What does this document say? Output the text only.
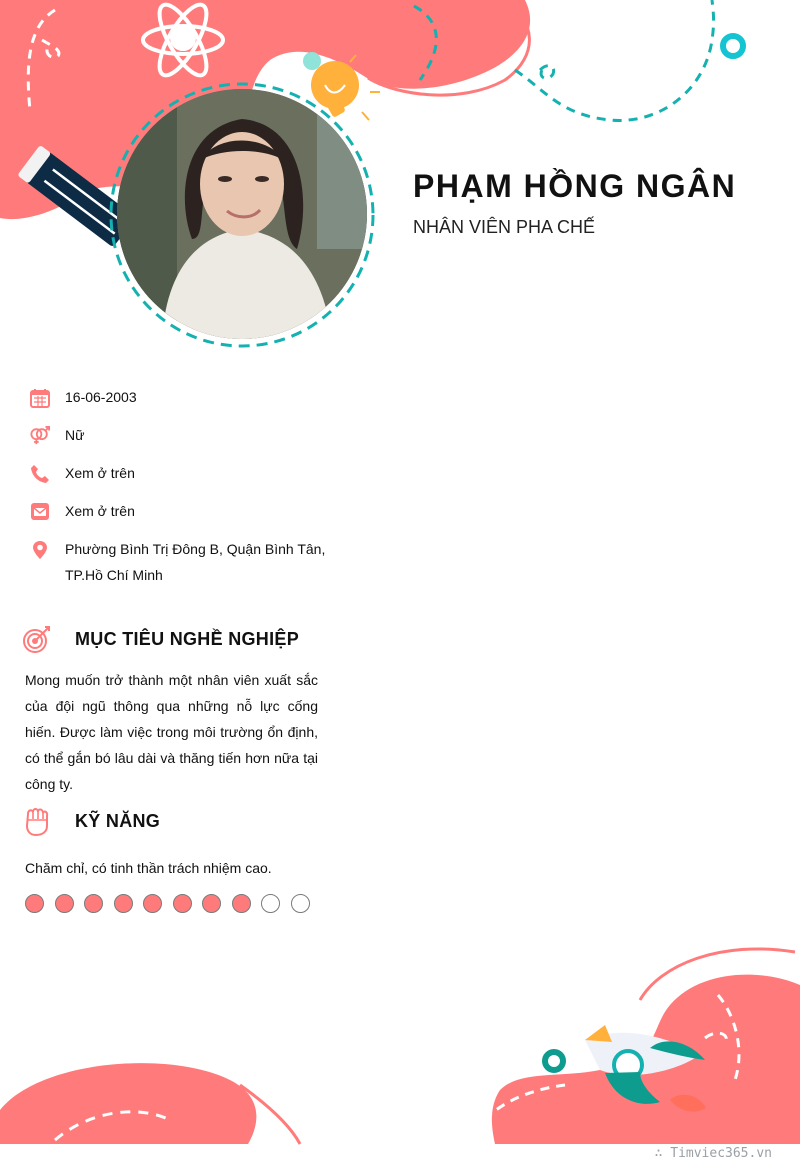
PHẠM HỒNG NGÂN
NHÂN VIÊN PHA CHẾ
16-06-2003
Nữ
Xem ở trên
Xem ở trên
Phường Bình Trị Đông B, Quận Bình Tân, TP.Hồ Chí Minh
MỤC TIÊU NGHỀ NGHIỆP
Mong muốn trở thành một nhân viên xuất sắc của đội ngũ thông qua những nỗ lực cống hiến. Được làm việc trong môi trường ổn định, có thể gắn bó lâu dài và thăng tiến hơn nữa tại công ty.
KỸ NĂNG
Chăm chỉ, có tinh thần trách nhiệm cao.
∴ Timviec365.vn
